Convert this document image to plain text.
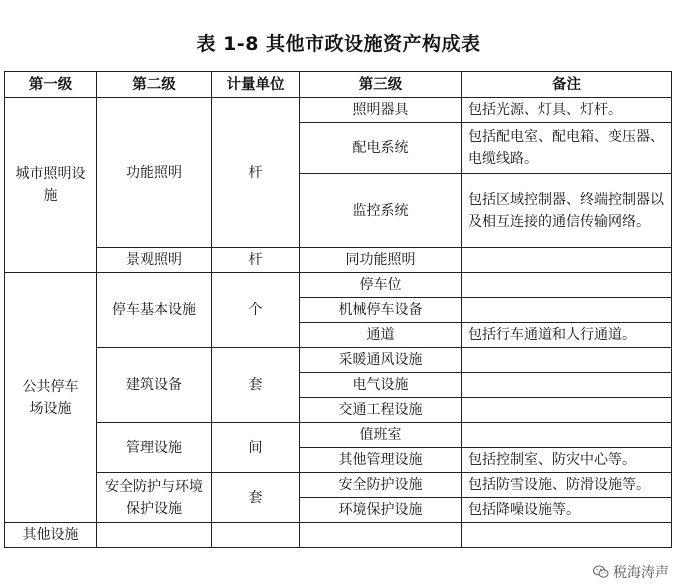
表 1-8 其他市政设施资产构成表
第一级	第二级	计量单位	第三级	备注
城市照明设施	功能照明	杆	照明器具	包括光源、灯具、灯杆。
			配电系统	包括配电室、配电箱、变压器、电缆线路。
			监控系统	包括区域控制器、终端控制器以及相互连接的通信传输网络。

	景观照明	杆	同功能照明	
公共停车场设施	停车基本设施	个	停车位	
			机械停车设备	
			通道	包括行车通道和人行通道。
	建筑设备	套	采暖通风设施	
			电气设施	
			交通工程设施	
	管理设施	间	值班室	
			其他管理设施	包括控制室、防灾中心等。
	安全防护与环境保护设施	套	安全防护设施	包括防雪设施、防滑设施等。
			环境保护设施	包括降噪设施等。
其他设施				
税海涛声
